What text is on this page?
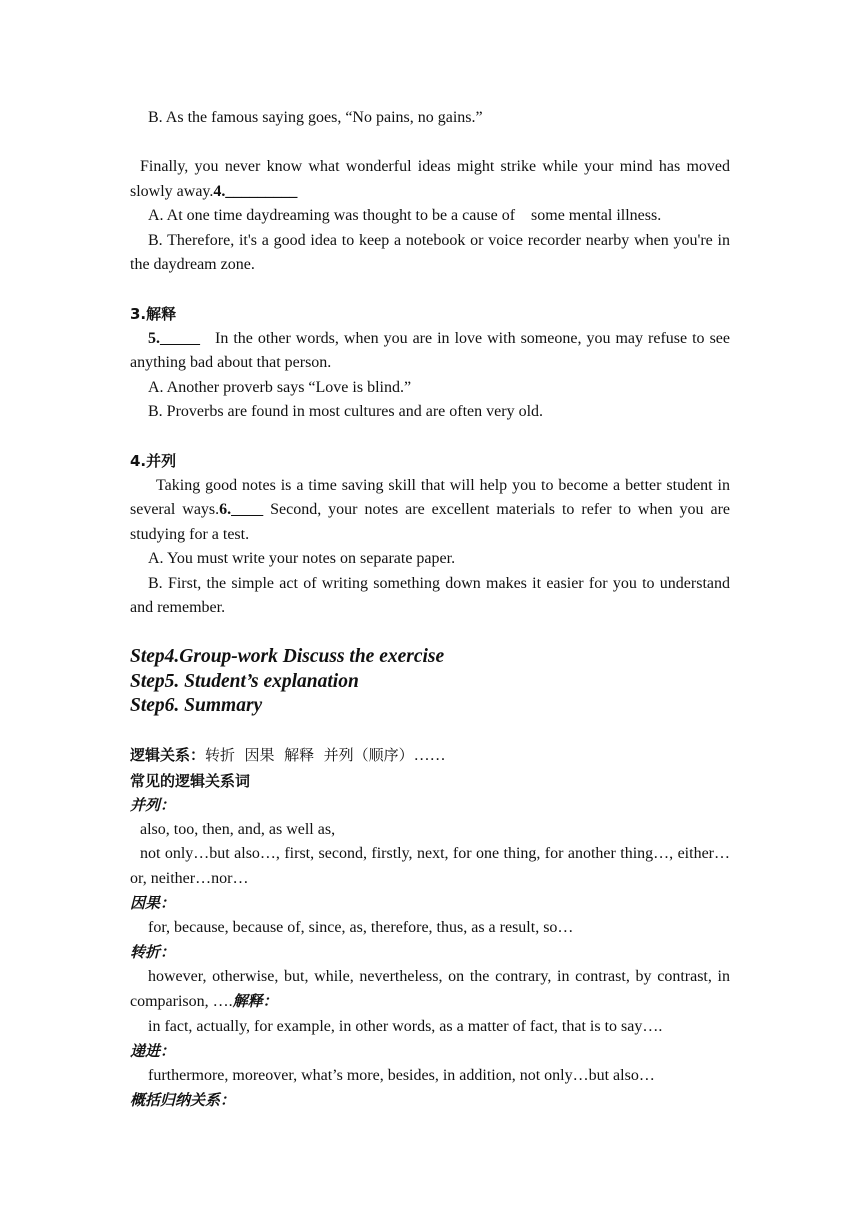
B. As the famous saying goes, “No pains, no gains.”

Finally, you never know what wonderful ideas might strike while your mind has moved slowly away.4._________

A. At one time daydreaming was thought to be a cause of    some mental illness.

B. Therefore, it's a good idea to keep a notebook or voice recorder nearby when you're in the daydream zone.

3.解释

5._____   In the other words, when you are in love with someone, you may refuse to see anything bad about that person.

A. Another proverb says “Love is blind.”

B. Proverbs are found in most cultures and are often very old.

4.并列

Taking good notes is a time saving skill that will help you to become a better student in several ways.6.____ Second, your notes are excellent materials to refer to when you are studying for a test.

A. You must write your notes on separate paper.

B. First, the simple act of writing something down makes it easier for you to understand and remember.

Step4.Group-work Discuss the exercise

Step5. Student’s explanation

Step6. Summary

逻辑关系：转折  因果  解释  并列（顺序）……

常见的逻辑关系词

并列：

also, too, then, and, as well as,

not only…but also…, first, second, firstly, next, for one thing, for another thing…, either…or, neither…nor…

因果：

for, because, because of, since, as, therefore, thus, as a result, so…

转折：

however, otherwise, but, while, nevertheless, on the contrary, in contrast, by contrast, in comparison, ….解释：

in fact, actually, for example, in other words, as a matter of fact, that is to say….

递进：

furthermore, moreover, what’s more, besides, in addition, not only…but also…

概括归纳关系：
